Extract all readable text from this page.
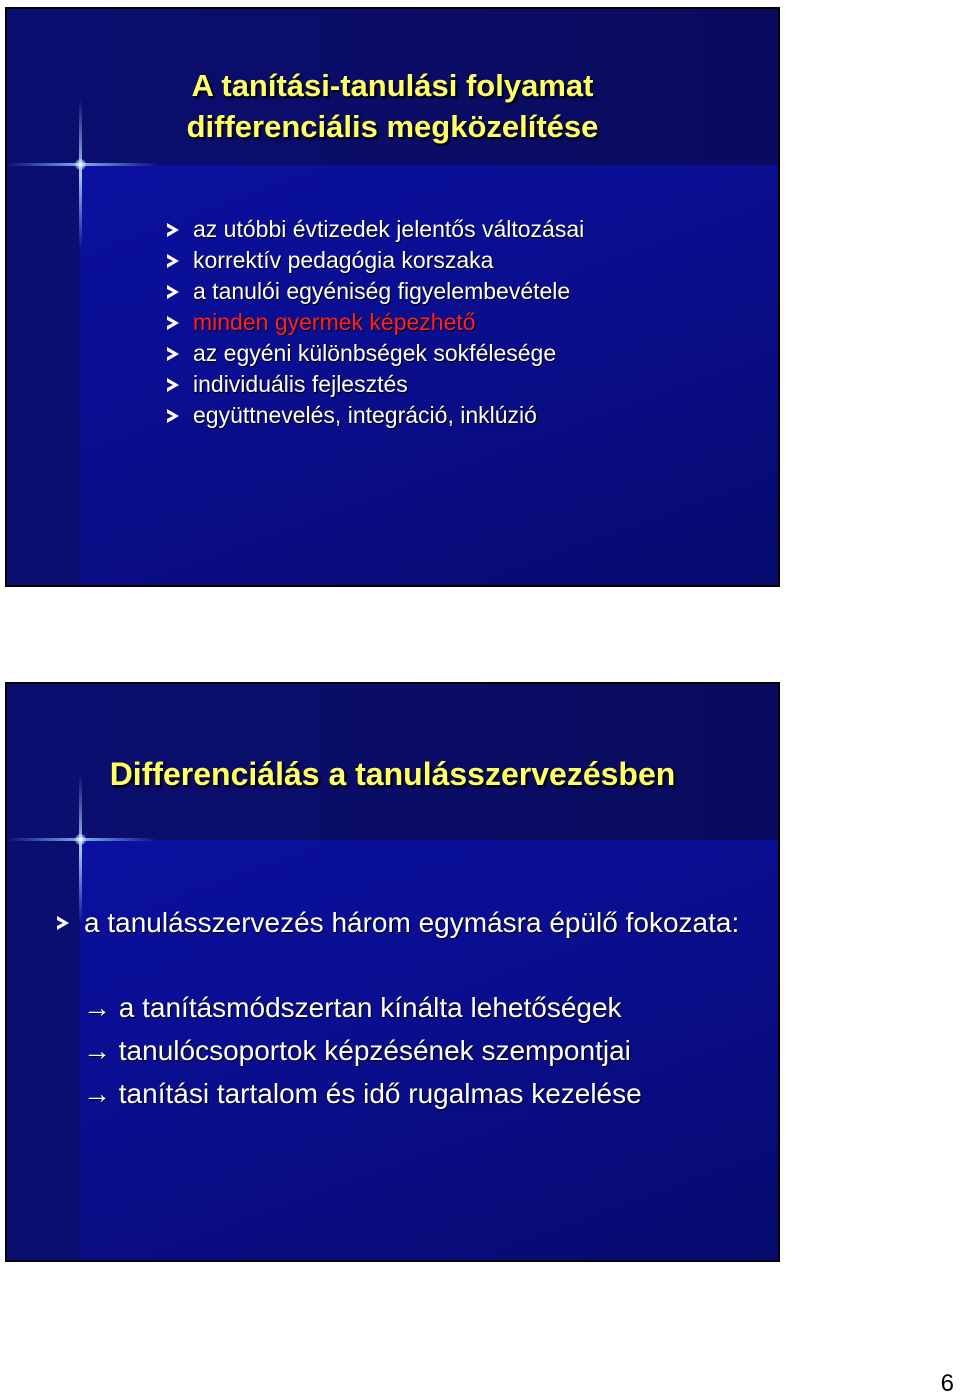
A tanítási-tanulási folyamat
differenciális megközelítése
az utóbbi évtizedek jelentős változásai
korrektív pedagógia korszaka
a tanulói egyéniség figyelembevétele
minden gyermek képezhető
az egyéni különbségek sokfélesége
individuális fejlesztés
együttnevelés, integráció, inklúzió
Differenciálás a tanulásszervezésben
a tanulásszervezés három egymásra épülő fokozata:
→ a tanításmódszertan kínálta lehetőségek
→ tanulócsoportok képzésének szempontjai
→ tanítási tartalom és idő rugalmas kezelése
6
